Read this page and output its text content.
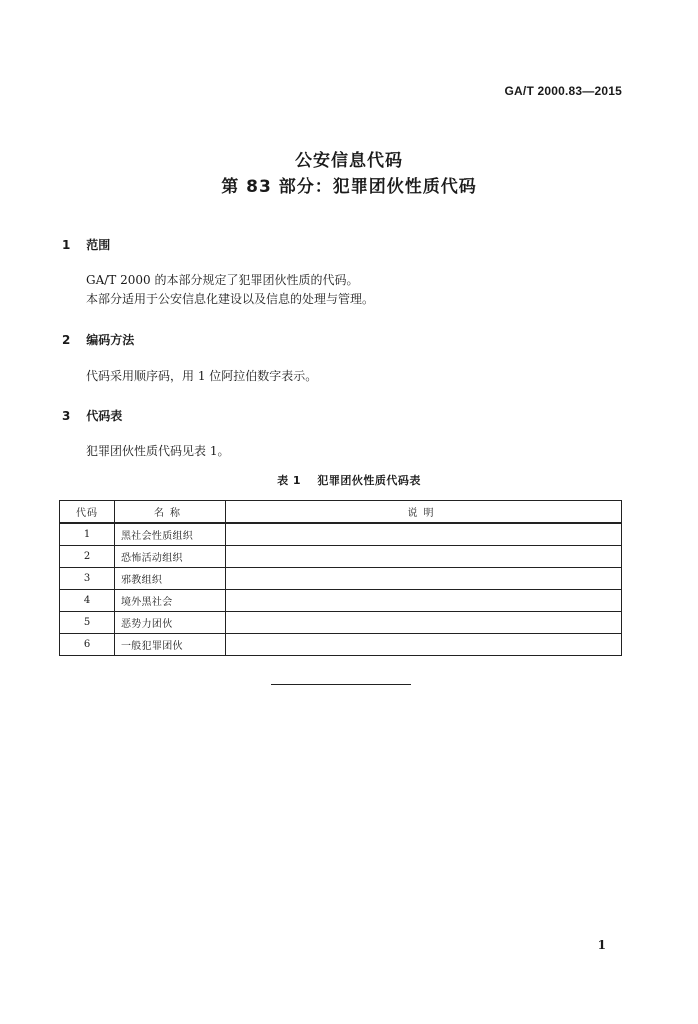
GA/T 2000.83—2015
公安信息代码
第 83 部分：犯罪团伙性质代码
1 范围
GA/T 2000 的本部分规定了犯罪团伙性质的代码。
本部分适用于公安信息化建设以及信息的处理与管理。
2 编码方法
代码采用顺序码，用 1 位阿拉伯数字表示。
3 代码表
犯罪团伙性质代码见表 1。
表 1 犯罪团伙性质代码表
代码	名称	说明
1	黑社会性质组织	
2	恐怖活动组织	
3	邪教组织	
4	境外黑社会	
5	恶势力团伙	
6	一般犯罪团伙	
1
